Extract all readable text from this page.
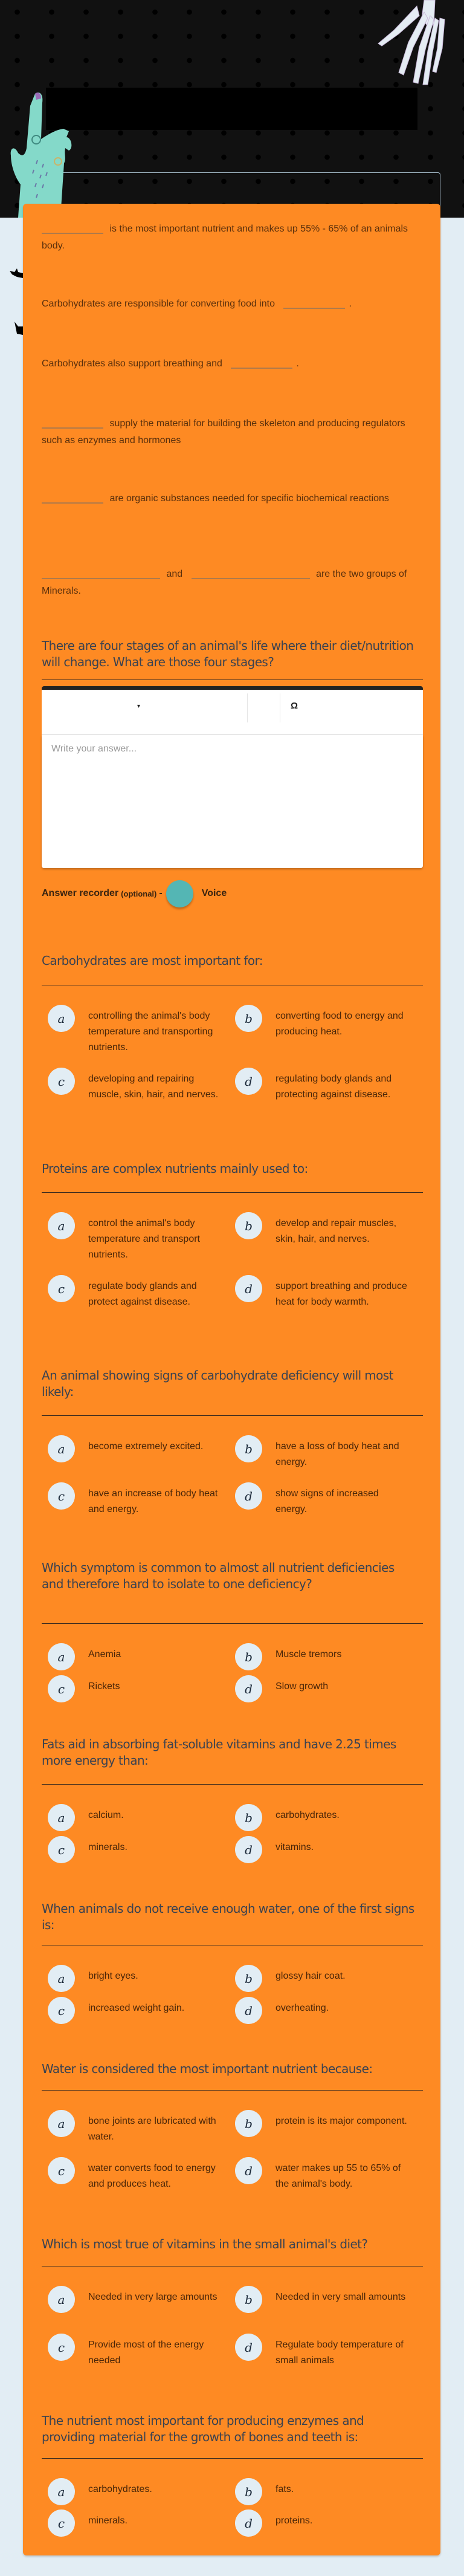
is the most important nutrient and makes up 55% - 65% of an animals body.
Carbohydrates are responsible for converting food into	.
Carbohydrates also support breathing and	.
supply the material for building the skeleton and producing regulators such as enzymes and hormones
are organic substances needed for specific biochemical reactions
and	are the two groups of Minerals.
There are four stages of an animal's life where their diet/nutrition will change. What are those four stages?
▾	Ω
Write your answer...
Answer recorder (optional) -	Voice
Carbohydrates are most important for:
a	controlling the animal's body temperature and transporting nutrients.
b	converting food to energy and producing heat.
c	developing and repairing muscle, skin, hair, and nerves.
d	regulating body glands and protecting against disease.
Proteins are complex nutrients mainly used to:
a	control the animal's body temperature and transport nutrients.
b	develop and repair muscles, skin, hair, and nerves.
c	regulate body glands and protect against disease.
d	support breathing and produce heat for body warmth.
An animal showing signs of carbohydrate deficiency will most likely:
a	become extremely excited.	b	have a loss of body heat and energy.
c	have an increase of body heat and energy.
d	show signs of increased energy.
Which symptom is common to almost all nutrient deficiencies and therefore hard to isolate to one deficiency?
a	Anemia	b	Muscle tremors
c	Rickets	d	Slow growth
Fats aid in absorbing fat-soluble vitamins and have 2.25 times more energy than:
a	calcium.	b	carbohydrates.
c	minerals.	d	vitamins.
When animals do not receive enough water, one of the first signs is:
a	bright eyes.	b	glossy hair coat.
c	increased weight gain.	d	overheating.
Water is considered the most important nutrient because:
a	bone joints are lubricated with water.
b	protein is its major component.
c	water converts food to energy and produces heat.
d	water makes up 55 to 65% of the animal's body.
Which is most true of vitamins in the small animal's diet?
a	Needed in very large amounts	b	Needed in very small amounts
c	Provide most of the energy needed
d	Regulate body temperature of small animals
The nutrient most important for producing enzymes and providing material for the growth of bones and teeth is:
a	carbohydrates.	b	fats.
c	minerals.	d	proteins.
